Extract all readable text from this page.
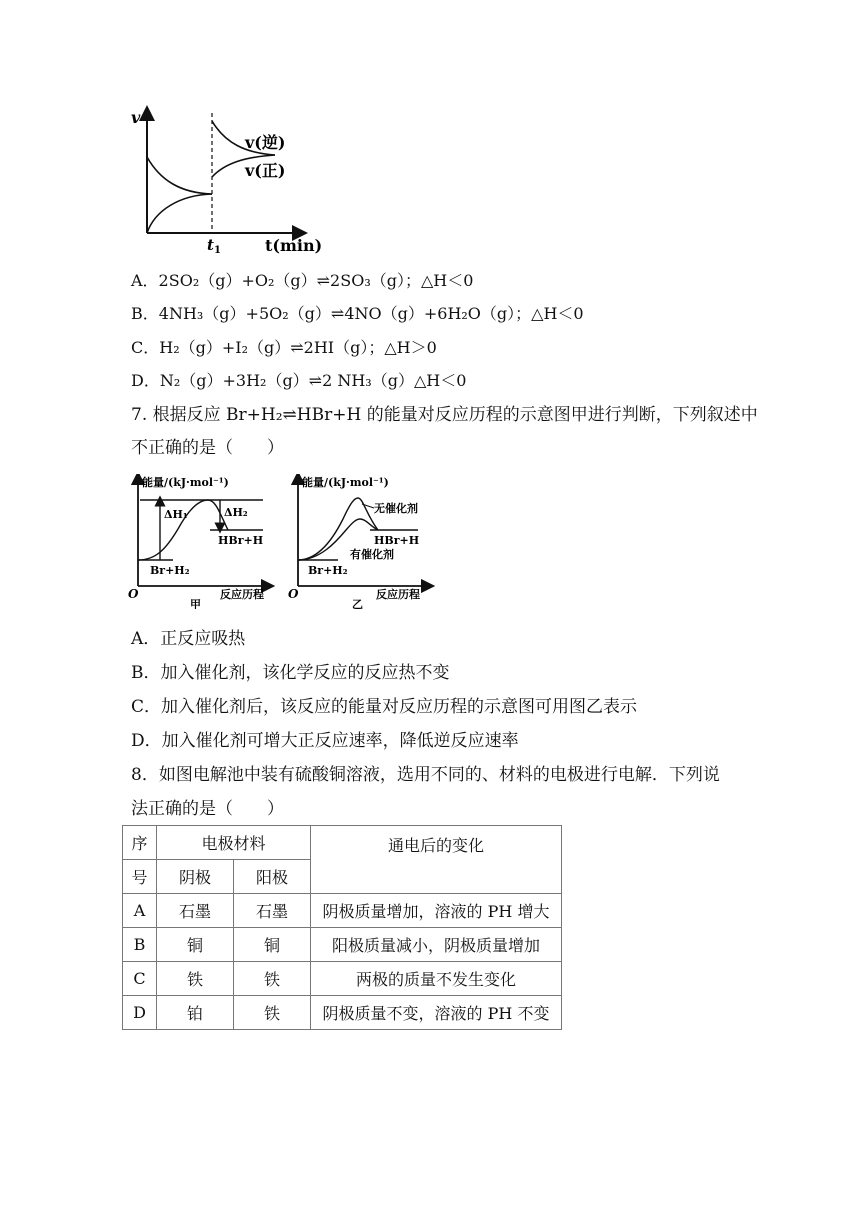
v
v(逆)
v(正)
$t_1$	t(min)
A．2SO₂（g）+O₂（g）⇌2SO₃（g）；△H＜0
B．4NH₃（g）+5O₂（g）⇌4NO（g）+6H₂O（g）；△H＜0
C．H₂（g）+I₂（g）⇌2HI（g）；△H＞0
D．N₂（g）+3H₂（g）⇌2 NH₃（g）△H＜0
7. 根据反应 Br+H₂⇌HBr+H 的能量对反应历程的示意图甲进行判断，下列叙述中
不正确的是（　　）
能量/(kJ·mol⁻¹)
ΔH₁	ΔH₂
HBr+H
Br+H₂
O	反应历程
甲
能量/(kJ·mol⁻¹)
无催化剂
HBr+H
有催化剂
Br+H₂
O	反应历程
乙
A．正反应吸热
B．加入催化剂，该化学反应的反应热不变
C．加入催化剂后，该反应的能量对反应历程的示意图可用图乙表示
D．加入催化剂可增大正反应速率，降低逆反应速率
8．如图电解池中装有硫酸铜溶液，选用不同的、材料的电极进行电解．下列说
法正确的是（　　）
序	电极材料		通电后的变化
号	阴极	阳极	
A	石墨	石墨	阴极质量增加，溶液的 PH 增大
B	铜	铜	阳极质量减小，阴极质量增加
C	铁	铁	两极的质量不发生变化
D	铂	铁	阴极质量不变，溶液的 PH 不变
